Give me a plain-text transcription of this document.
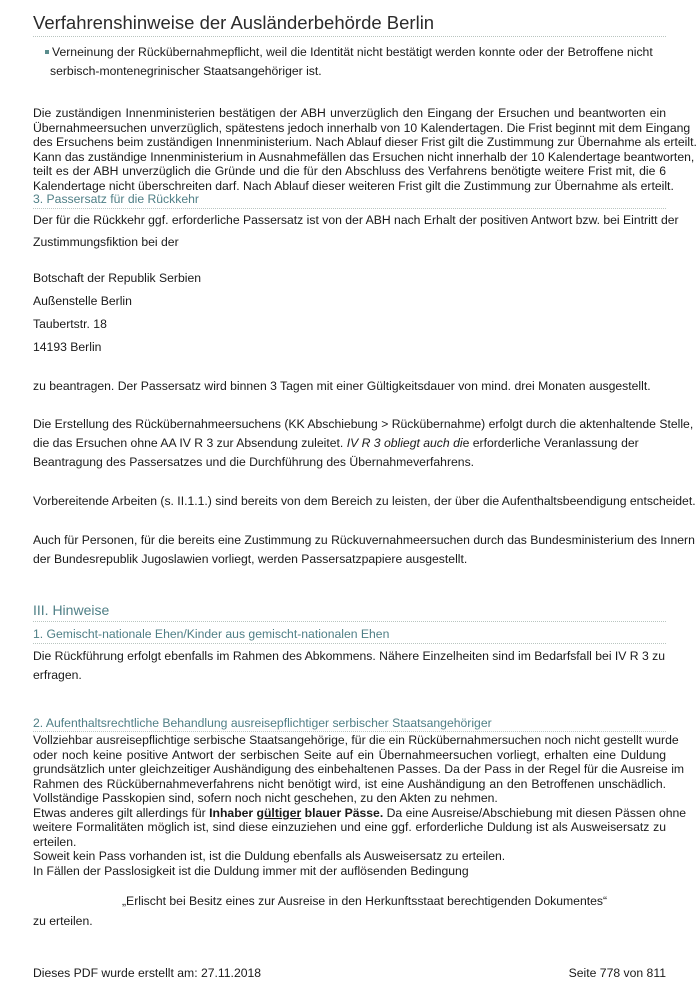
Verfahrenshinweise der Ausländerbehörde Berlin
Verneinung der Rückübernahmepflicht, weil die Identität nicht bestätigt werden konnte oder der Betroffene nicht
serbisch-montenegrinischer Staatsangehöriger ist.
Die zuständigen Innenministerien bestätigen der ABH unverzüglich den Eingang der Ersuchen und beantworten ein
Übernahmeersuchen unverzüglich, spätestens jedoch innerhalb von 10 Kalendertagen. Die Frist beginnt mit dem Eingang
des Ersuchens beim zuständigen Innenministerium. Nach Ablauf dieser Frist gilt die Zustimmung zur Übernahme als erteilt.
Kann das zuständige Innenministerium in Ausnahmefällen das Ersuchen nicht innerhalb der 10 Kalendertage beantworten,
teilt es der ABH unverzüglich die Gründe und die für den Abschluss des Verfahrens benötigte weitere Frist mit, die 6
Kalendertage nicht überschreiten darf. Nach Ablauf dieser weiteren Frist gilt die Zustimmung zur Übernahme als erteilt.
3. Passersatz für die Rückkehr
Der für die Rückkehr ggf. erforderliche Passersatz ist von der ABH nach Erhalt der positiven Antwort bzw. bei Eintritt der
Zustimmungsfiktion bei der
Botschaft der Republik Serbien
Außenstelle Berlin
Taubertstr. 18
14193 Berlin
zu beantragen. Der Passersatz wird binnen 3 Tagen mit einer Gültigkeitsdauer von mind. drei Monaten ausgestellt.
Die Erstellung des Rückübernahmeersuchens (KK Abschiebung > Rückübernahme) erfolgt durch die aktenhaltende Stelle,
die das Ersuchen ohne AA IV R 3 zur Absendung zuleitet. IV R 3 obliegt auch die erforderliche Veranlassung der
Beantragung des Passersatzes und die Durchführung des Übernahmeverfahrens.
Vorbereitende Arbeiten (s. II.1.1.) sind bereits von dem Bereich zu leisten, der über die Aufenthaltsbeendigung entscheidet.
Auch für Personen, für die bereits eine Zustimmung zu Rückuvernahmeersuchen durch das Bundesministerium des Innern
der Bundesrepublik Jugoslawien vorliegt, werden Passersatzpapiere ausgestellt.
III. Hinweise
1. Gemischt-nationale Ehen/Kinder aus gemischt-nationalen Ehen
Die Rückführung erfolgt ebenfalls im Rahmen des Abkommens. Nähere Einzelheiten sind im Bedarfsfall bei IV R 3 zu
erfragen.
2. Aufenthaltsrechtliche Behandlung ausreisepflichtiger serbischer Staatsangehöriger
Vollziehbar ausreisepflichtige serbische Staatsangehörige, für die ein Rückübernahmersuchen noch nicht gestellt wurde
oder noch keine positive Antwort der serbischen Seite auf ein Übernahmeersuchen vorliegt, erhalten eine Duldung
grundsätzlich unter gleichzeitiger Aushändigung des einbehaltenen Passes. Da der Pass in der Regel für die Ausreise im
Rahmen des Rückübernahmeverfahrens nicht benötigt wird, ist eine Aushändigung an den Betroffenen unschädlich.
Vollständige Passkopien sind, sofern noch nicht geschehen, zu den Akten zu nehmen.
Etwas anderes gilt allerdings für Inhaber gültiger blauer Pässe. Da eine Ausreise/Abschiebung mit diesen Pässen ohne
weitere Formalitäten möglich ist, sind diese einzuziehen und eine ggf. erforderliche Duldung ist als Ausweisersatz zu
erteilen.
Soweit kein Pass vorhanden ist, ist die Duldung ebenfalls als Ausweisersatz zu erteilen.
In Fällen der Passlosigkeit ist die Duldung immer mit der auflösenden Bedingung
„Erlischt bei Besitz eines zur Ausreise in den Herkunftsstaat berechtigenden Dokumentes“
zu erteilen.
Dieses PDF wurde erstellt am: 27.11.2018	Seite 778 von 811
